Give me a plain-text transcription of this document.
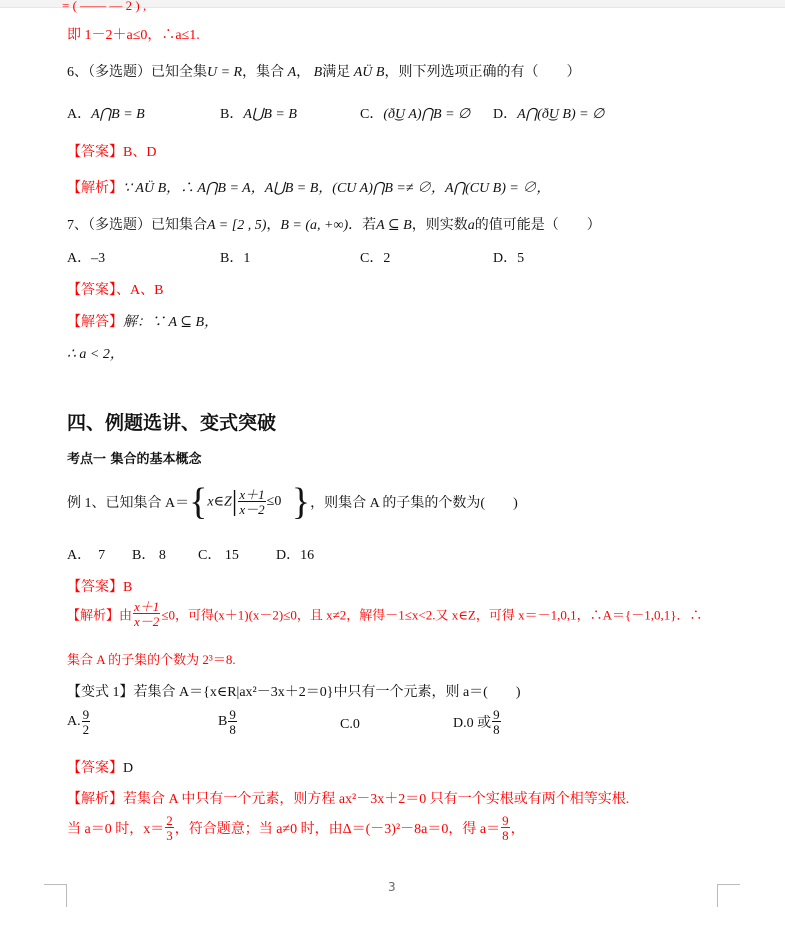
= ( —— — 2 ) ,
即 1－2＋a≤0，∴a≤1.
6、（多选题）已知全集U = R，集合 A， B满足 AÜ B，则下列选项正确的有（　　）
A．A⋂B = B	B．A⋃B = B	C．(ð͜U A)⋂B = ∅ D．A⋂(ð͜U B) = ∅
【答案】B、D
【解析】∵ AÜ B，∴ A⋂B = A，A⋃B = B，(CU A)⋂B =≠ ∅，A⋂(CU B) = ∅，
7、（多选题）已知集合A = [2 , 5)，B = (a, +∞)．若A ⊆ B，则实数a的值可能是（　　）
A．–3	B．1	C．2	D．5
【答案】、A、B
【解答】解：∵ A ⊆ B，
∴ a < 2，
四、例题选讲、变式突破
考点一 集合的基本概念
例 1、已知集合 A＝{x∈Z| $\frac{x+1}{x-2} \le 0$ }，则集合 A 的子集的个数为(　　)
A． 7 B． 8 C． 15	D．16
【答案】B
【解析】由 $\frac{x+1}{x-2} \le 0$，可得(x＋1)(x－2)≤0，且 x≠2，解得－1≤x<2.又 x∈Z，可得 x＝－1,0,1，∴A＝{－1,0,1}．∴
集合 A 的子集的个数为 2³＝8.
【变式 1】若集合 A＝{x∈R|ax²－3x＋2＝0}中只有一个元素，则 a＝(　　)
A. $\frac{9}{2}$	B $\frac{9}{8}$	C.0	D.0 或 $\frac{9}{8}$
【答案】D
【解析】若集合 A 中只有一个元素，则方程 ax²－3x＋2＝0 只有一个实根或有两个相等实根.
当 a＝0 时，$x= \frac{2}{3}$ ，符合题意；当 a≠0 时，由Δ＝(－3)²－8a＝0，得 $a= \frac{9}{8}$ ，
3
